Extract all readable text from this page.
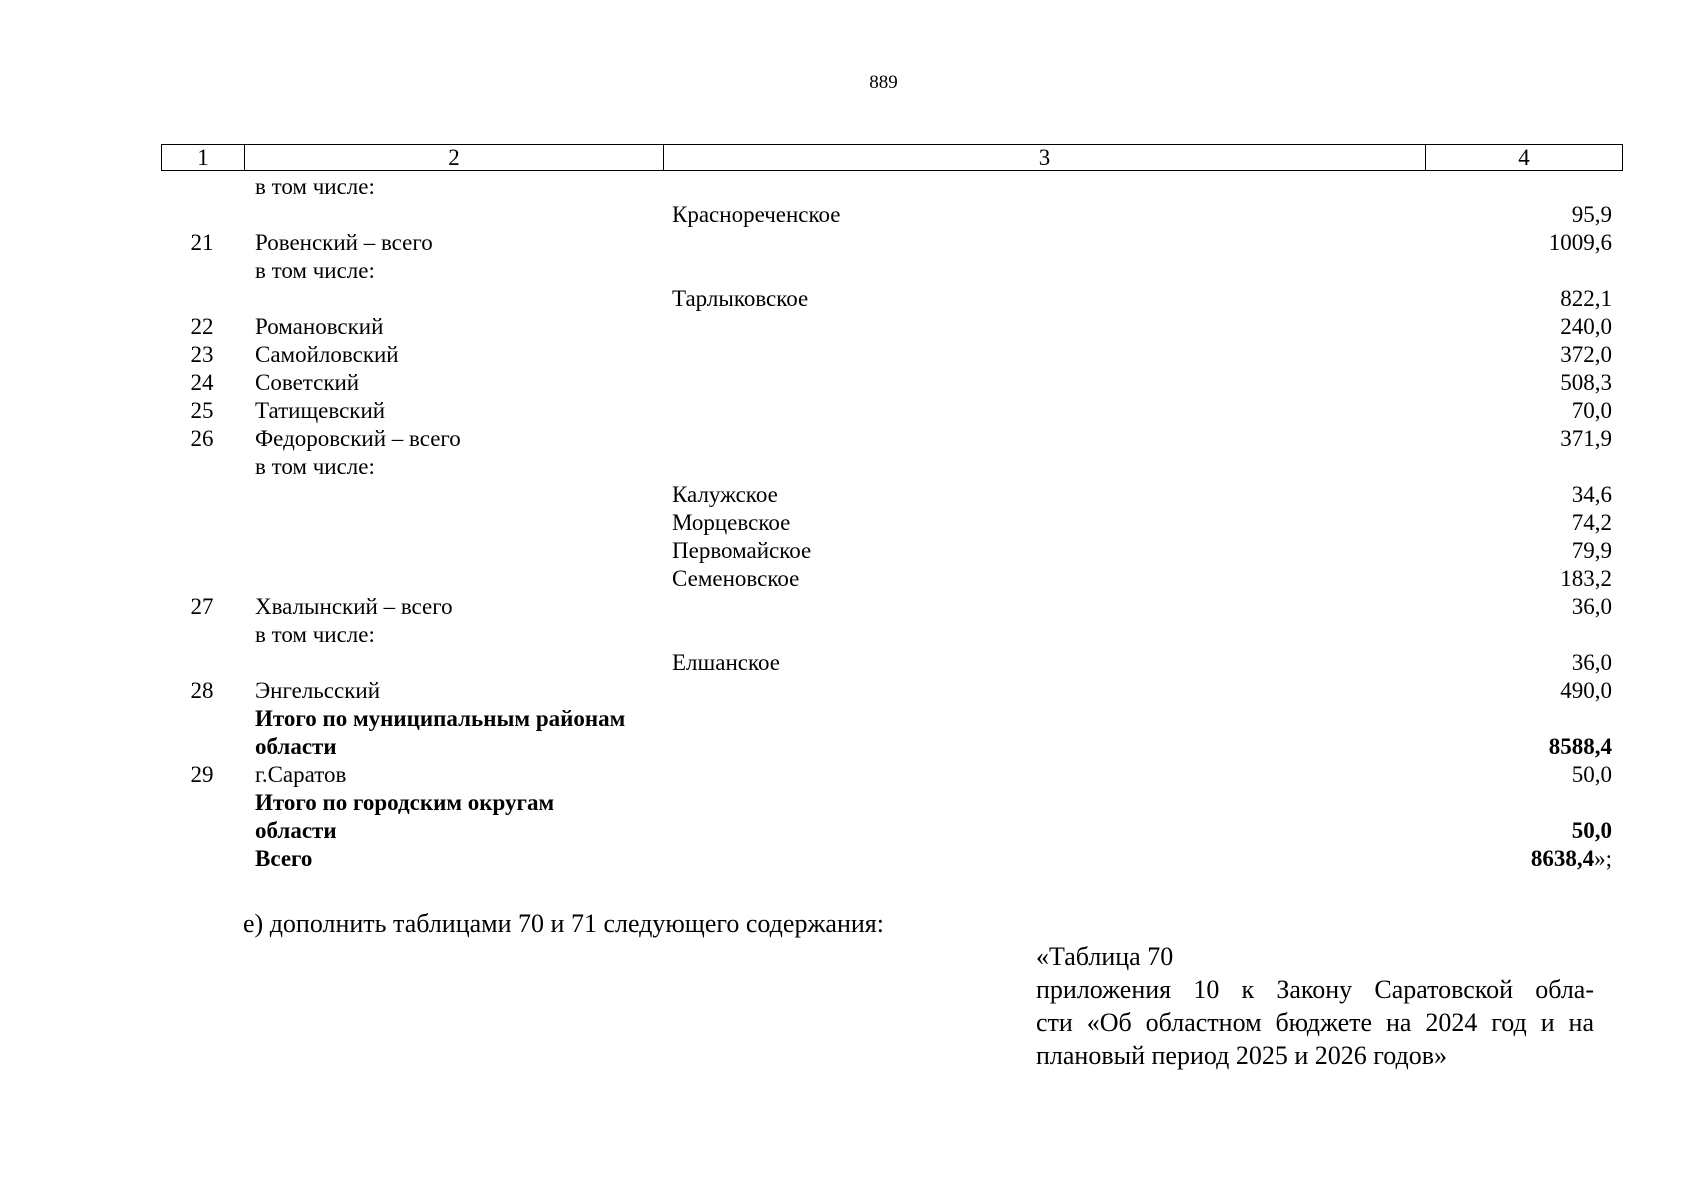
889
1	2	3	4
в том числе:
Краснореченское	95,9
21	Ровенский – всего	1009,6
в том числе:
Тарлыковское	822,1
22	Романовский	240,0
23	Самойловский	372,0
24	Советский	508,3
25	Татищевский	70,0
26	Федоровский – всего	371,9
в том числе:
Калужское	34,6
Морцевское	74,2
Первомайское	79,9
Семеновское	183,2
27	Хвалынский – всего	36,0
в том числе:
Елшанское	36,0
28	Энгельсский	490,0
Итого по муниципальным районам
области	8588,4
29	г.Саратов	50,0
Итого по городским округам
области	50,0
Всего	8638,4»;
е) дополнить таблицами 70 и 71 следующего содержания:
«Таблица 70
приложения 10 к Закону Саратовской обла-
сти «Об областном бюджете на 2024 год и на
плановый период 2025 и 2026 годов»
